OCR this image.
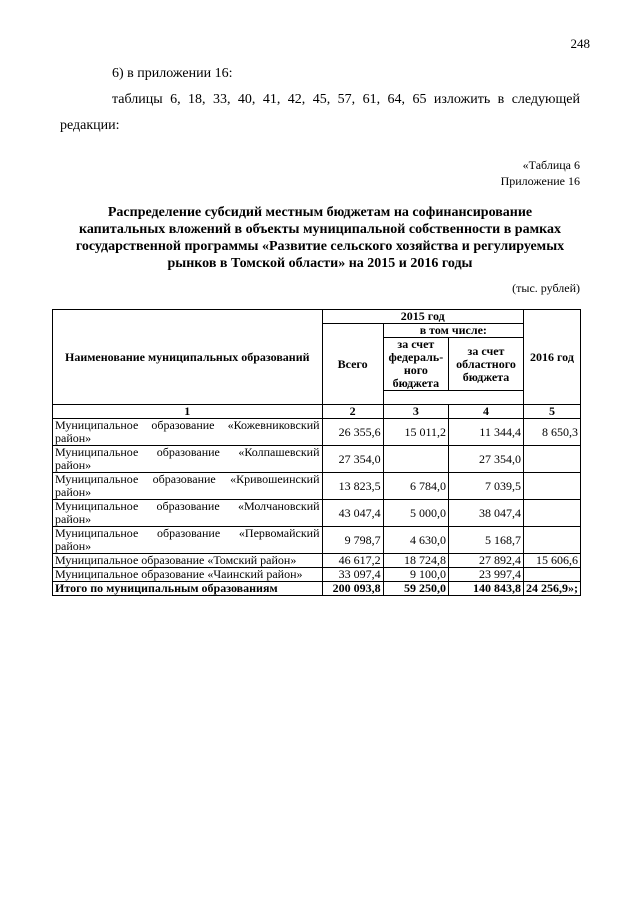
248
6) в приложении 16:
таблицы 6, 18, 33, 40, 41, 42, 45, 57, 61, 64, 65 изложить в следующей
редакции:
«Таблица 6
Приложение 16
Распределение субсидий местным бюджетам на софинансирование
капитальных вложений в объекты муниципальной собственности в рамках
государственной программы «Развитие сельского хозяйства и регулируемых
рынков в Томской области» на 2015 и 2016 годы
(тыс. рублей)
Наименование муниципальных образований	2015 год			2016 год
	Всего	в том числе:		
		за счет федераль-ного бюджета	за счет областного бюджета	

1	2	3	4	5
Муниципальное образование «Кожевниковский район»	26 355,6	15 011,2	11 344,4	8 650,3
Муниципальное образование «Колпашевский район»	27 354,0		27 354,0	
Муниципальное образование «Кривошеинский район»	13 823,5	6 784,0	7 039,5	
Муниципальное образование «Молчановский район»	43 047,4	5 000,0	38 047,4	
Муниципальное образование «Первомайский район»	9 798,7	4 630,0	5 168,7	
Муниципальное образование «Томский район»	46 617,2	18 724,8	27 892,4	15 606,6
Муниципальное образование «Чаинский район»	33 097,4	9 100,0	23 997,4	
Итого по муниципальным образованиям	200 093,8	59 250,0	140 843,8	24 256,9»;
